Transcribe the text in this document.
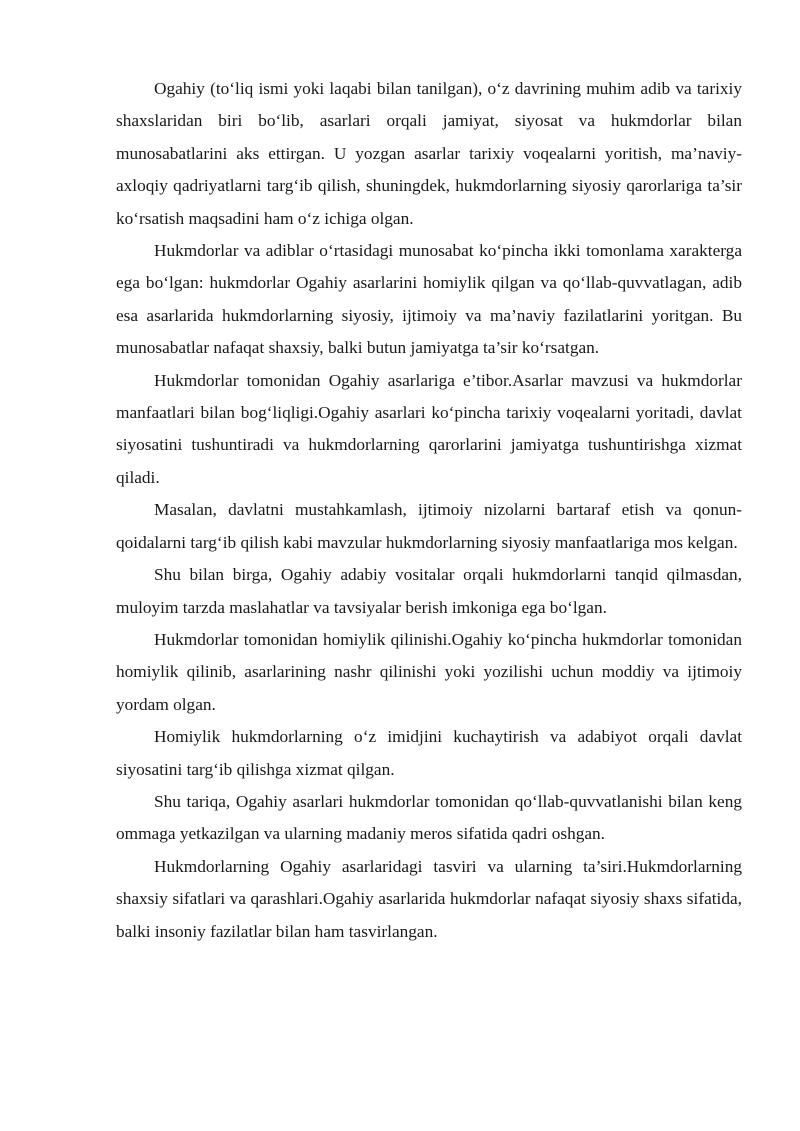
Ogahiy (to‘liq ismi yoki laqabi bilan tanilgan), o‘z davrining muhim adib va tarixiy shaxslaridan biri bo‘lib, asarlari orqali jamiyat, siyosat va hukmdorlar bilan munosabatlarini aks ettirgan. U yozgan asarlar tarixiy voqealarni yoritish, ma’naviy-axloqiy qadriyatlarni targ‘ib qilish, shuningdek, hukmdorlarning siyosiy qarorlariga ta’sir ko‘rsatish maqsadini ham o‘z ichiga olgan.

Hukmdorlar va adiblar o‘rtasidagi munosabat ko‘pincha ikki tomonlama xarakterga ega bo‘lgan: hukmdorlar Ogahiy asarlarini homiylik qilgan va qo‘llab-quvvatlagan, adib esa asarlarida hukmdorlarning siyosiy, ijtimoiy va ma’naviy fazilatlarini yoritgan. Bu munosabatlar nafaqat shaxsiy, balki butun jamiyatga ta’sir ko‘rsatgan.

Hukmdorlar tomonidan Ogahiy asarlariga e’tibor.Asarlar mavzusi va hukmdorlar manfaatlari bilan bog‘liqligi.Ogahiy asarlari ko‘pincha tarixiy voqealarni yoritadi, davlat siyosatini tushuntiradi va hukmdorlarning qarorlarini jamiyatga tushuntirishga xizmat qiladi.

Masalan, davlatni mustahkamlash, ijtimoiy nizolarni bartaraf etish va qonun-qoidalarni targ‘ib qilish kabi mavzular hukmdorlarning siyosiy manfaatlariga mos kelgan.

Shu bilan birga, Ogahiy adabiy vositalar orqali hukmdorlarni tanqid qilmasdan, muloyim tarzda maslahatlar va tavsiyalar berish imkoniga ega bo‘lgan.

Hukmdorlar tomonidan homiylik qilinishi.Ogahiy ko‘pincha hukmdorlar tomonidan homiylik qilinib, asarlarining nashr qilinishi yoki yozilishi uchun moddiy va ijtimoiy yordam olgan.

Homiylik hukmdorlarning o‘z imidjini kuchaytirish va adabiyot orqali davlat siyosatini targ‘ib qilishga xizmat qilgan.

Shu tariqa, Ogahiy asarlari hukmdorlar tomonidan qo‘llab-quvvatlanishi bilan keng ommaga yetkazilgan va ularning madaniy meros sifatida qadri oshgan.

Hukmdorlarning Ogahiy asarlaridagi tasviri va ularning ta’siri.Hukmdorlarning shaxsiy sifatlari va qarashlari.Ogahiy asarlarida hukmdorlar nafaqat siyosiy shaxs sifatida, balki insoniy fazilatlar bilan ham tasvirlangan.
